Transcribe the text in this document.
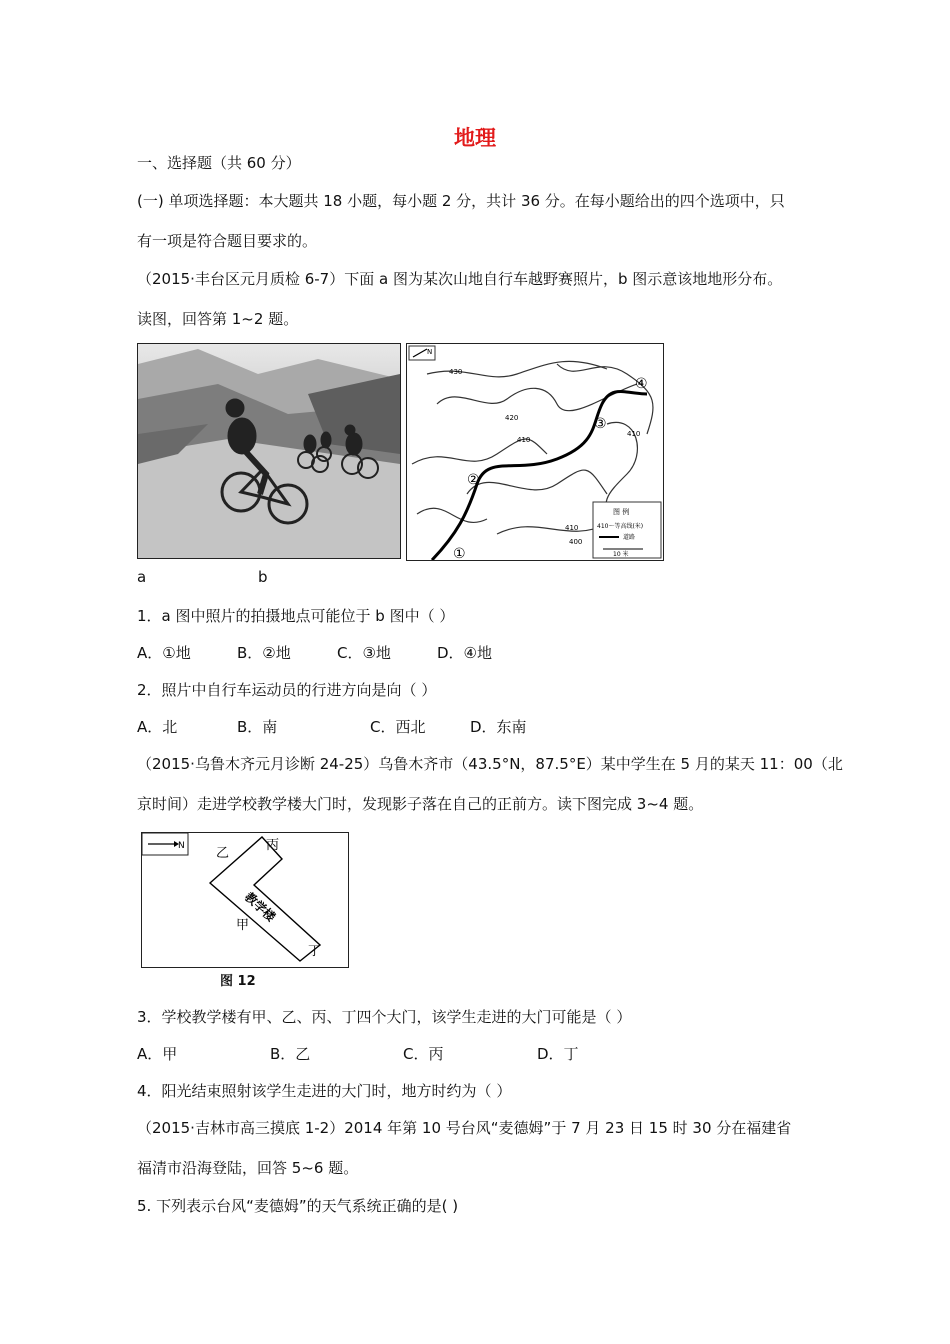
地理
一、选择题（共 60 分）
(一) 单项选择题：本大题共 18 小题，每小题 2 分，共计 36 分。在每小题给出的四个选项中，只
有一项是符合题目要求的。
（2015·丰台区元月质检 6-7）下面 a 图为某次山地自行车越野赛照片，b 图示意该地地形分布。
读图，回答第 1~2 题。
430
420
410
410
410
400
①
②
③
④
N
图 例
410～等高线(米)
道路
10 米
a	b
1．a 图中照片的拍摄地点可能位于 b 图中（ ）
A．①地	B．②地	C．③地	D．④地
2．照片中自行车运动员的行进方向是向（ ）
A．北	B．南	C．西北	D．东南
（2015·乌鲁木齐元月诊断 24-25）乌鲁木齐市（43.5°N，87.5°E）某中学生在 5 月的某天 11：00（北
京时间）走进学校教学楼大门时，发现影子落在自己的正前方。读下图完成 3~4 题。
N
教学楼
甲
乙
丙
丁
图 12
3．学校教学楼有甲、乙、丙、丁四个大门，该学生走进的大门可能是（ ）
A．甲	B．乙	C．丙	D．丁
4．阳光结束照射该学生走进的大门时，地方时约为（ ）
（2015·吉林市高三摸底 1-2）2014 年第 10 号台风“麦德姆”于 7 月 23 日 15 时 30 分在福建省
福清市沿海登陆，回答 5~6 题。
5. 下列表示台风“麦德姆”的天气系统正确的是( )
